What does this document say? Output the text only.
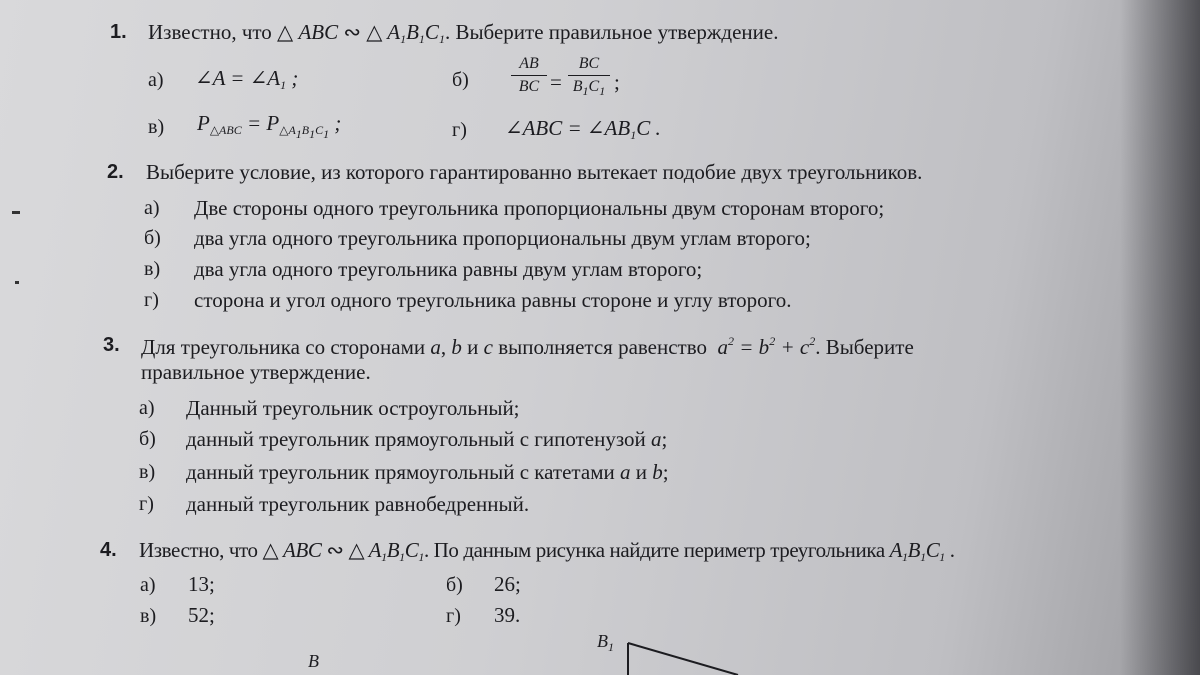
1. Известно, что △ ABC ∾ △ $A_1B_1C_1$. Выберите правильное утверждение.
а) ∠A = $\angle A_1$ ;	б)
AB
BC =
BC
$B_1C_1$ ;
в) $P_{\triangle ABC} = P_{\triangle A_1B_1C_1}$ ;	г) ∠ABC = $\angle AB_1C$ .
2. Выберите условие, из которого гарантированно вытекает подобие двух треугольников.
а) Две стороны одного треугольника пропорциональны двум сторонам второго;
б) два угла одного треугольника пропорциональны двум углам второго;
в) два угла одного треугольника равны двум углам второго;
г) сторона и угол одного треугольника равны стороне и углу второго.
3. Для треугольника со сторонами a, b и c выполняется равенство  $a^2 = b^2 + c^2$. Выберите
правильное утверждение.
а) Данный треугольник остроугольный;
б) данный треугольник прямоугольный с гипотенузой a;
в) данный треугольник прямоугольный с катетами a и b;
г) данный треугольник равнобедренный.
4. Известно, что △ ABC ∾ △ $A_1B_1C_1$. По данным рисунка найдите периметр треугольника $A_1B_1C_1$ .
а) 13;	б) 26;
в) 52;	г) 39.
$B_1$
B
